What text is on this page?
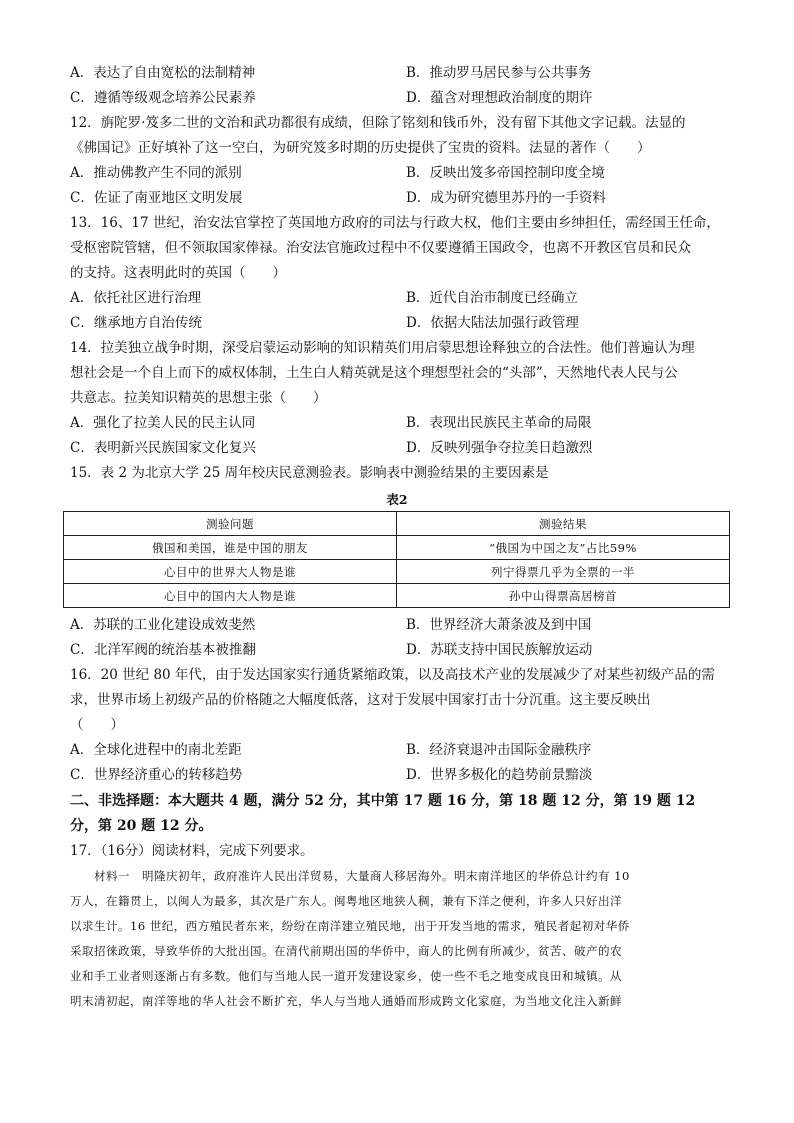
A．表达了自由宽松的法制精神	B．推动罗马居民参与公共事务
C．遵循等级观念培养公民素养	D．蕴含对理想政治制度的期许
12．旃陀罗·笈多二世的文治和武功都很有成绩，但除了铭刻和钱币外，没有留下其他文字记载。法显的
《佛国记》正好填补了这一空白，为研究笈多时期的历史提供了宝贵的资料。法显的著作（　　）
A．推动佛教产生不同的派别	B．反映出笈多帝国控制印度全境
C．佐证了南亚地区文明发展	D．成为研究德里苏丹的一手资料
13．16、17 世纪，治安法官掌控了英国地方政府的司法与行政大权，他们主要由乡绅担任，需经国王任命，
受枢密院管辖，但不领取国家俸禄。治安法官施政过程中不仅要遵循王国政令，也离不开教区官员和民众
的支持。这表明此时的英国（　　）
A．依托社区进行治理	B．近代自治市制度已经确立
C．继承地方自治传统	D．依据大陆法加强行政管理
14．拉美独立战争时期，深受启蒙运动影响的知识精英们用启蒙思想诠释独立的合法性。他们普遍认为理
想社会是一个自上而下的威权体制，土生白人精英就是这个理想型社会的“头部”，天然地代表人民与公
共意志。拉美知识精英的思想主张（　　）
A．强化了拉美人民的民主认同	B．表现出民族民主革命的局限
C．表明新兴民族国家文化复兴	D．反映列强争夺拉美日趋激烈
15．表 2 为北京大学 25 周年校庆民意测验表。影响表中测验结果的主要因素是
表2
测验问题	测验结果
俄国和美国，谁是中国的朋友	“俄国为中国之友”占比59%
心目中的世界大人物是谁	列宁得票几乎为全票的一半
心目中的国内大人物是谁	孙中山得票高居榜首
A．苏联的工业化建设成效斐然	B．世界经济大萧条波及到中国
C．北洋军阀的统治基本被推翻	D．苏联支持中国民族解放运动
16．20 世纪 80 年代，由于发达国家实行通货紧缩政策，以及高技术产业的发展减少了对某些初级产品的需
求，世界市场上初级产品的价格随之大幅度低落，这对于发展中国家打击十分沉重。这主要反映出
（　　）
A．全球化进程中的南北差距	B．经济衰退冲击国际金融秩序
C．世界经济重心的转移趋势	D．世界多极化的趋势前景黯淡
二、非选择题：本大题共 4 题，满分 52 分，其中第 17 题 16 分，第 18 题 12 分，第 19 题 12
分，第 20 题 12 分。
17．（16分）阅读材料，完成下列要求。
　　材料一　明隆庆初年，政府准许人民出洋贸易，大量商人移居海外。明末南洋地区的华侨总计约有 10
万人，在籍贯上，以闽人为最多，其次是广东人。闽粤地区地狭人稠，兼有下洋之便利，许多人只好出洋
以求生计。16 世纪，西方殖民者东来，纷纷在南洋建立殖民地，出于开发当地的需求，殖民者起初对华侨
采取招徕政策，导致华侨的大批出国。在清代前期出国的华侨中，商人的比例有所减少，贫苦、破产的农
业和手工业者则逐渐占有多数。他们与当地人民一道开发建设家乡，使一些不毛之地变成良田和城镇。从
明末清初起，南洋等地的华人社会不断扩充，华人与当地人通婚而形成跨文化家庭，为当地文化注入新鲜
